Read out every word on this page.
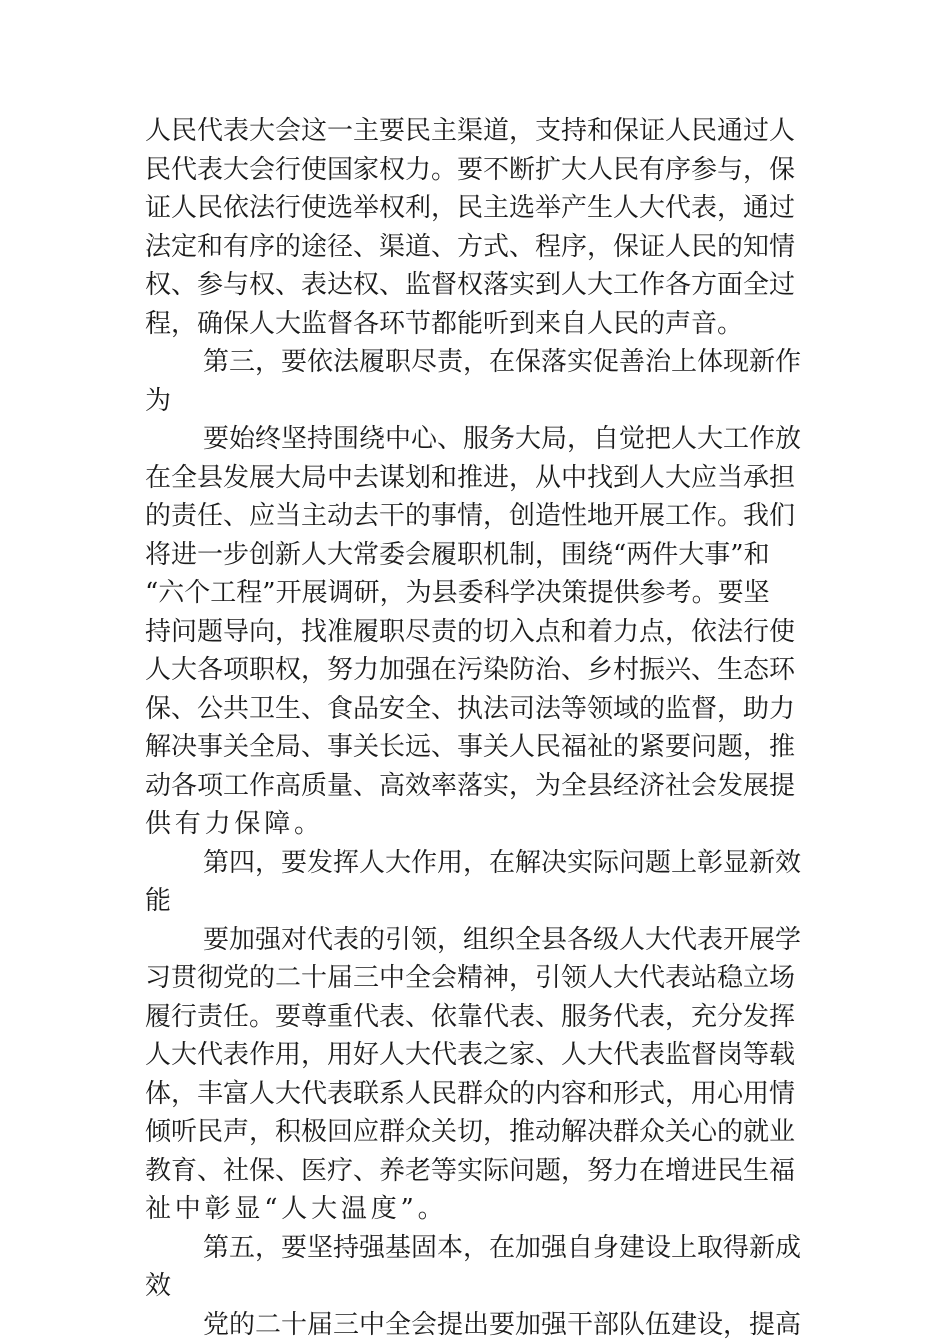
人民代表大会这一主要民主渠道，支持和保证人民通过人
民代表大会行使国家权力。要不断扩大人民有序参与，保
证人民依法行使选举权利，民主选举产生人大代表，通过
法定和有序的途径、渠道、方式、程序，保证人民的知情
权、参与权、表达权、监督权落实到人大工作各方面全过
程，确保人大监督各环节都能听到来自人民的声音。
第三，要依法履职尽责，在保落实促善治上体现新作
为
要始终坚持围绕中心、服务大局，自觉把人大工作放
在全县发展大局中去谋划和推进，从中找到人大应当承担
的责任、应当主动去干的事情，创造性地开展工作。我们
将进一步创新人大常委会履职机制，围绕“两件大事”和
“六个工程”开展调研，为县委科学决策提供参考。要坚
持问题导向，找准履职尽责的切入点和着力点，依法行使
人大各项职权，努力加强在污染防治、乡村振兴、生态环
保、公共卫生、食品安全、执法司法等领域的监督，助力
解决事关全局、事关长远、事关人民福祉的紧要问题，推
动各项工作高质量、高效率落实，为全县经济社会发展提
供有力保障。
第四，要发挥人大作用，在解决实际问题上彰显新效
能
要加强对代表的引领，组织全县各级人大代表开展学
习贯彻党的二十届三中全会精神，引领人大代表站稳立场
履行责任。要尊重代表、依靠代表、服务代表，充分发挥
人大代表作用，用好人大代表之家、人大代表监督岗等载
体，丰富人大代表联系人民群众的内容和形式，用心用情
倾听民声，积极回应群众关切，推动解决群众关心的就业
教育、社保、医疗、养老等实际问题，努力在增进民生福
祉中彰显“人大温度”。
第五，要坚持强基固本，在加强自身建设上取得新成
效
党的二十届三中全会提出要加强干部队伍建设，提高
